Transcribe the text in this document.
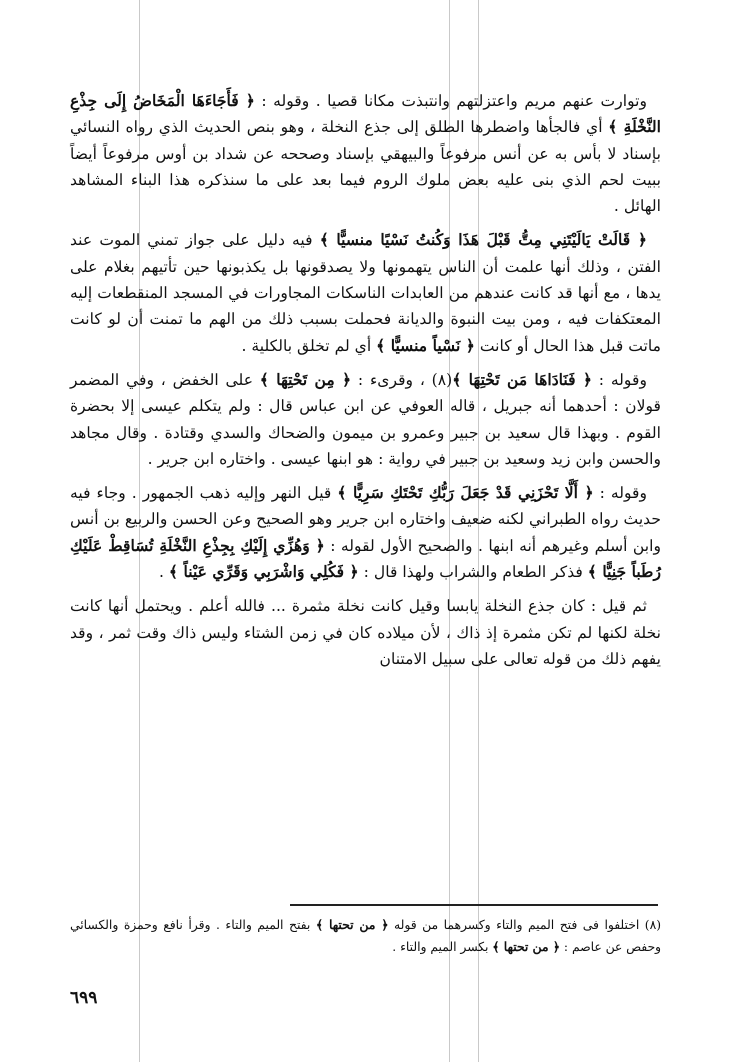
وتوارت عنهم مريم واعتزلتهم وانتبذت مكانا قصيا . وقوله : ﴿ فَأَجَاءَهَا الْمَخَاضُ إِلَى جِذْعِ النَّخْلَةِ ﴾ أي فالجأها واضطرها الطلق إلى جذع النخلة ، وهو بنص الحديث الذي رواه النسائي بإسناد لا بأس به عن أنس مرفوعاً والبيهقي بإسناد وصححه عن شداد بن أوس مرفوعاً أيضاً ببيت لحم الذي بنى عليه بعض ملوك الروم فيما بعد على ما سنذكره هذا البناء المشاهد الهائل .

﴿ قَالَتْ يَالَيْتَنِي مِتُّ قَبْلَ هَذَا وَكُنتُ نَسْيًا منسيًّا ﴾ فيه دليل على جواز تمني الموت عند الفتن ، وذلك أنها علمت أن الناس يتهمونها ولا يصدقونها بل يكذبونها حين تأتيهم بغلام على يدها ، مع أنها قد كانت عندهم من العابدات الناسكات المجاورات في المسجد المنقطعات إليه المعتكفات فيه ، ومن بيت النبوة والديانة فحملت بسبب ذلك من الهم ما تمنت أن لو كانت ماتت قبل هذا الحال أو كانت ﴿ نَسْياً منسيًّا ﴾ أي لم تخلق بالكلية .

وقوله : ﴿ فَنَادَاهَا مَن تَحْتِهَا ﴾(٨) ، وقرىء : ﴿ مِن تَحْتِهَا ﴾ على الخفض ، وفي المضمر قولان : أحدهما أنه جبريل ، قاله العوفي عن ابن عباس قال : ولم يتكلم عيسى إلا بحضرة القوم . وبهذا قال سعيد بن جبير وعمرو بن ميمون والضحاك والسدي وقتادة . وقال مجاهد والحسن وابن زيد وسعيد بن جبير في رواية : هو ابنها عيسى . واختاره ابن جرير .

وقوله : ﴿ أَلَّا تَحْزَنِي قَدْ جَعَلَ رَبُّكِ تَحْتَكِ سَرِيًّا ﴾ قيل النهر وإليه ذهب الجمهور . وجاء فيه حديث رواه الطبراني لكنه ضعيف واختاره ابن جرير وهو الصحيح وعن الحسن والربيع بن أنس وابن أسلم وغيرهم أنه ابنها . والصحيح الأول لقوله : ﴿ وَهُزِّي إِلَيْكِ بِجِذْعِ النَّخْلَةِ تُسَاقِطْ عَلَيْكِ رُطَباً جَنِيًّا ﴾ فذكر الطعام والشراب ولهذا قال : ﴿ فَكُلِي وَاشْرَبِي وَقَرِّي عَيْناً ﴾ .

ثم قيل : كان جذع النخلة يابسا وقيل كانت نخلة مثمرة ... فالله أعلم . ويحتمل أنها كانت نخلة لكنها لم تكن مثمرة إذ ذاك ، لأن ميلاده كان في زمن الشتاء وليس ذاك وقت ثمر ، وقد يفهم ذلك من قوله تعالى على سبيل الامتنان

(٨) اختلفوا فى فتح الميم والتاء وكسرهما من قوله ﴿ من تحتها ﴾ بفتح الميم والتاء . وقرأ نافع وحمزة والكسائي وحفص عن عاصم : ﴿ من تحتها ﴾ بكسر الميم والتاء .

٦٩٩
